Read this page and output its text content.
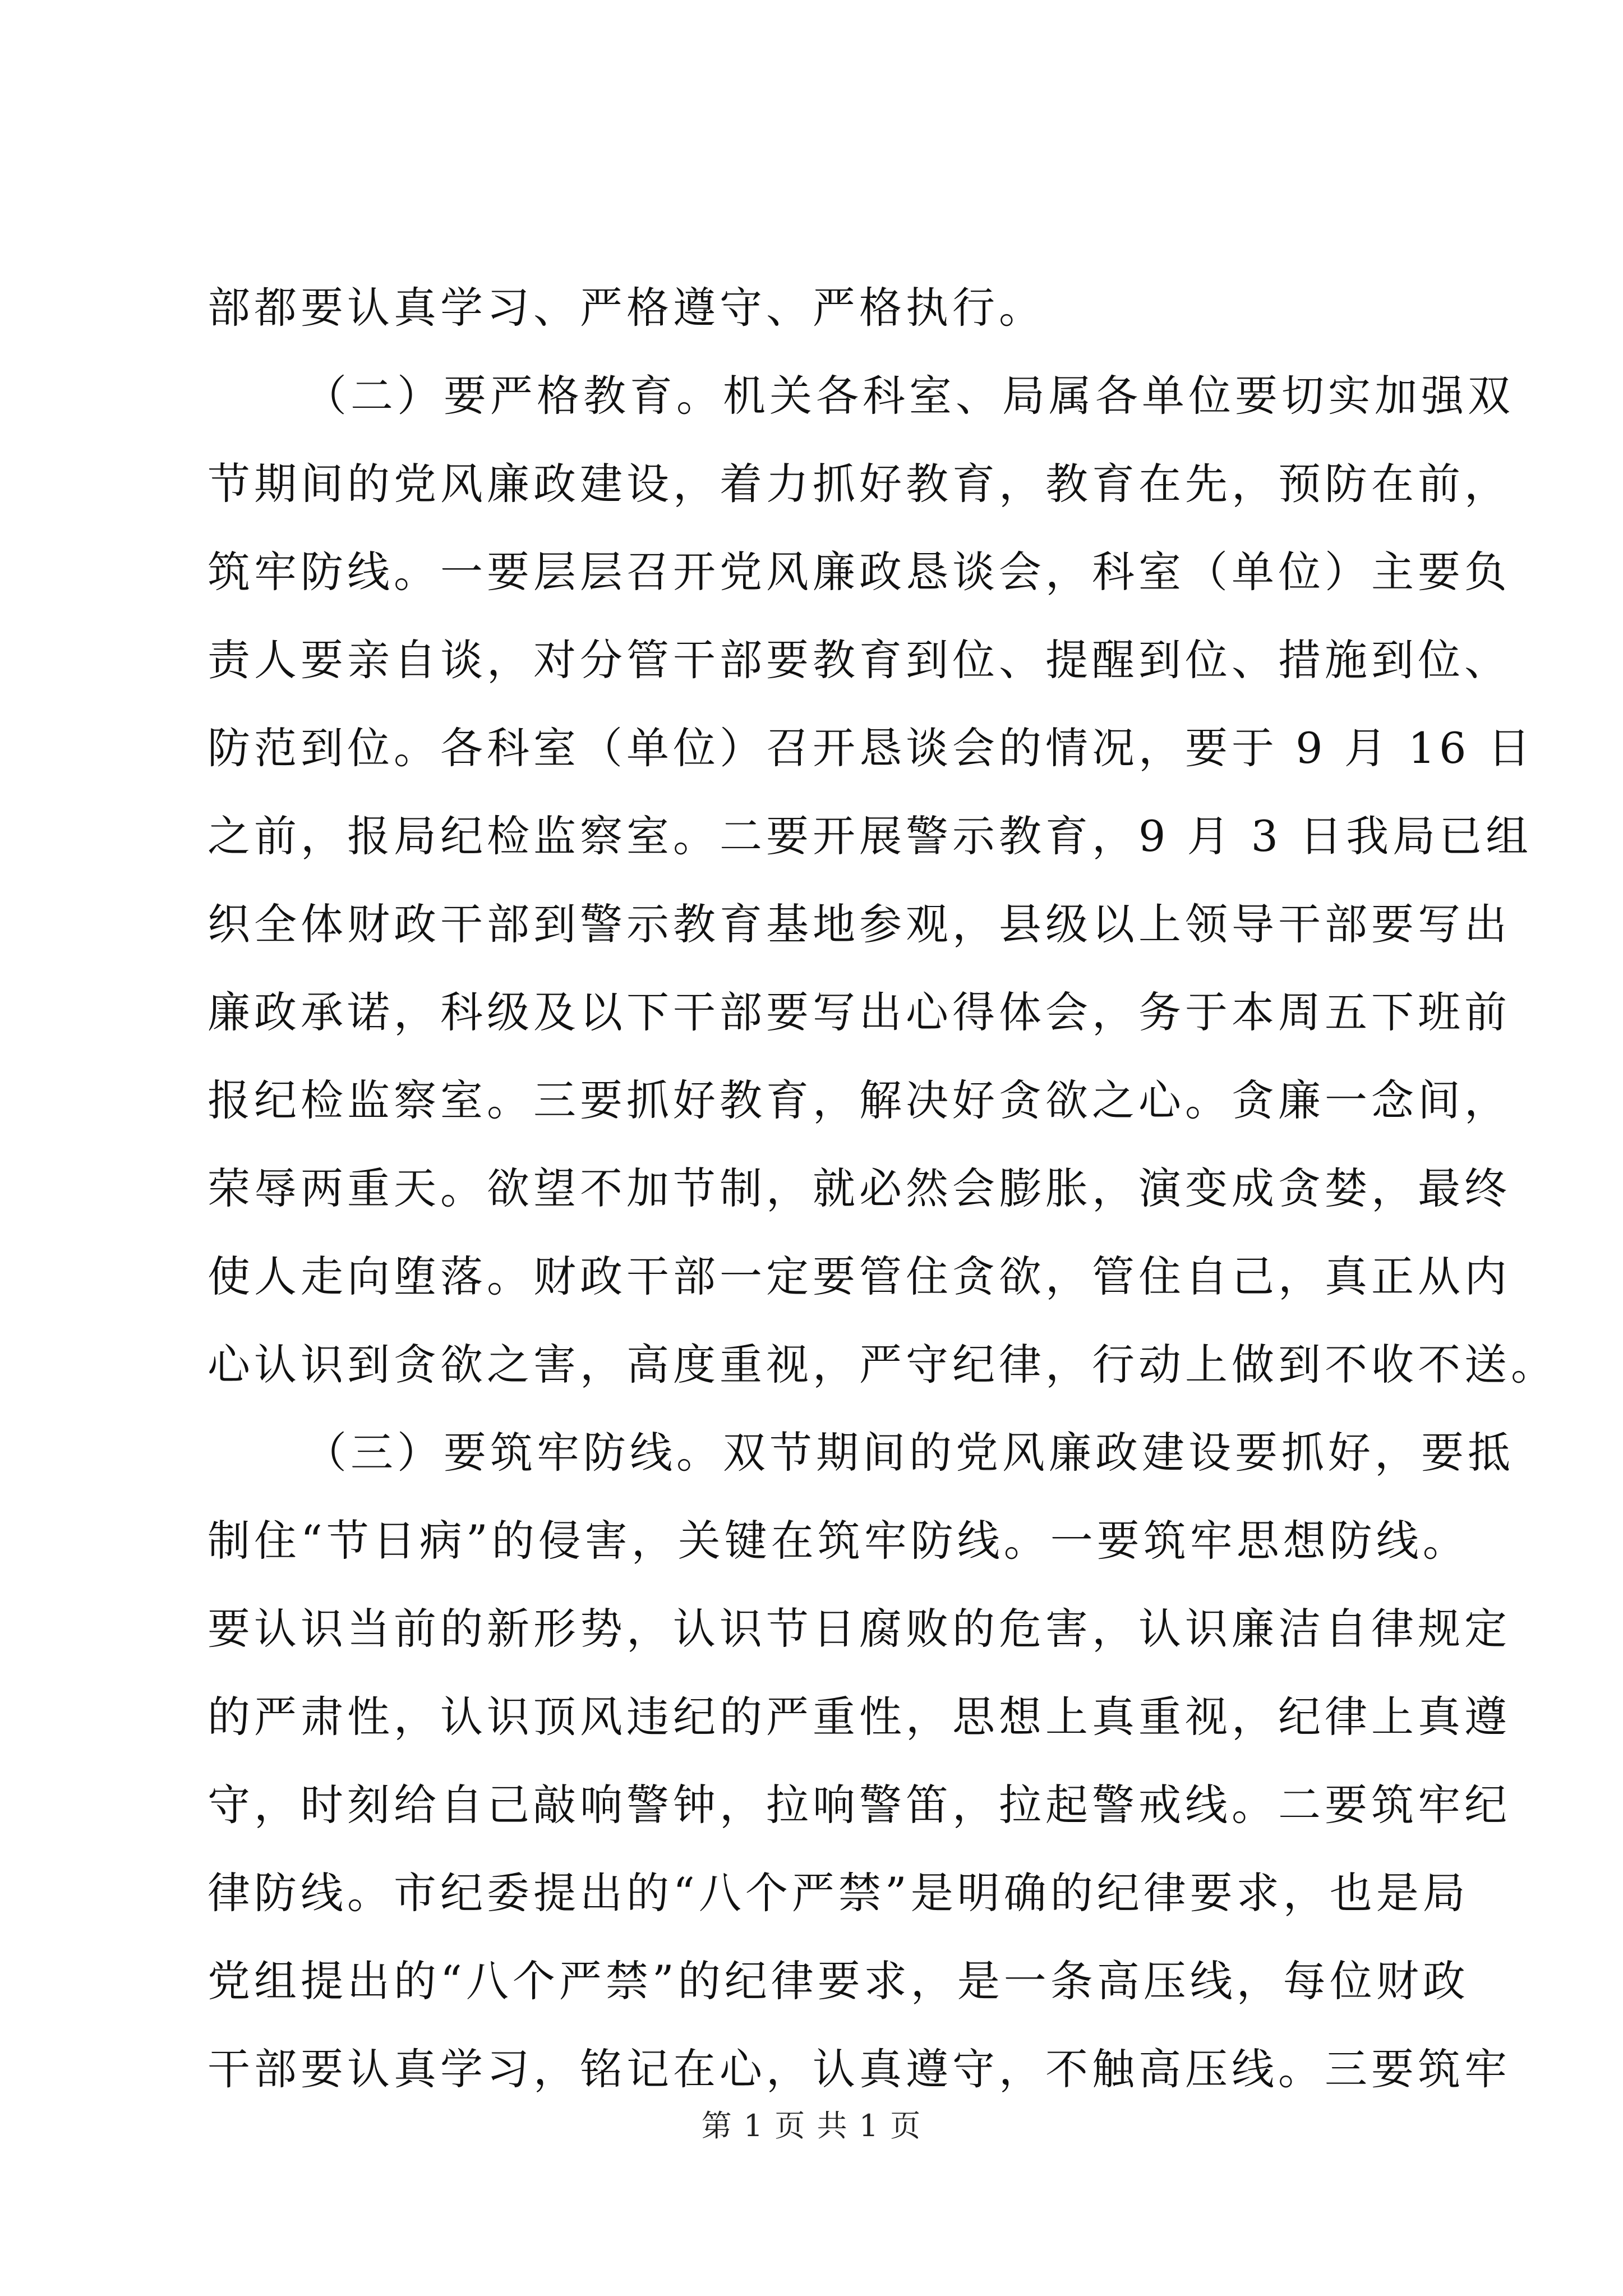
部都要认真学习、严格遵守、严格执行。
（二）要严格教育。机关各科室、局属各单位要切实加强双
节期间的党风廉政建设，着力抓好教育，教育在先，预防在前，
筑牢防线。一要层层召开党风廉政恳谈会，科室（单位）主要负
责人要亲自谈，对分管干部要教育到位、提醒到位、措施到位、
防范到位。各科室（单位）召开恳谈会的情况，要于 9 月 16 日
之前，报局纪检监察室。二要开展警示教育，9 月 3 日我局已组
织全体财政干部到警示教育基地参观，县级以上领导干部要写出
廉政承诺，科级及以下干部要写出心得体会，务于本周五下班前
报纪检监察室。三要抓好教育，解决好贪欲之心。贪廉一念间，
荣辱两重天。欲望不加节制，就必然会膨胀，演变成贪婪，最终
使人走向堕落。财政干部一定要管住贪欲，管住自己，真正从内
心认识到贪欲之害，高度重视，严守纪律，行动上做到不收不送。
（三）要筑牢防线。双节期间的党风廉政建设要抓好，要抵
制住“节日病”的侵害，关键在筑牢防线。一要筑牢思想防线。
要认识当前的新形势，认识节日腐败的危害，认识廉洁自律规定
的严肃性，认识顶风违纪的严重性，思想上真重视，纪律上真遵
守，时刻给自己敲响警钟，拉响警笛，拉起警戒线。二要筑牢纪
律防线。市纪委提出的“八个严禁”是明确的纪律要求，也是局
党组提出的“八个严禁”的纪律要求，是一条高压线，每位财政
干部要认真学习，铭记在心，认真遵守，不触高压线。三要筑牢
第 1 页 共 1 页
